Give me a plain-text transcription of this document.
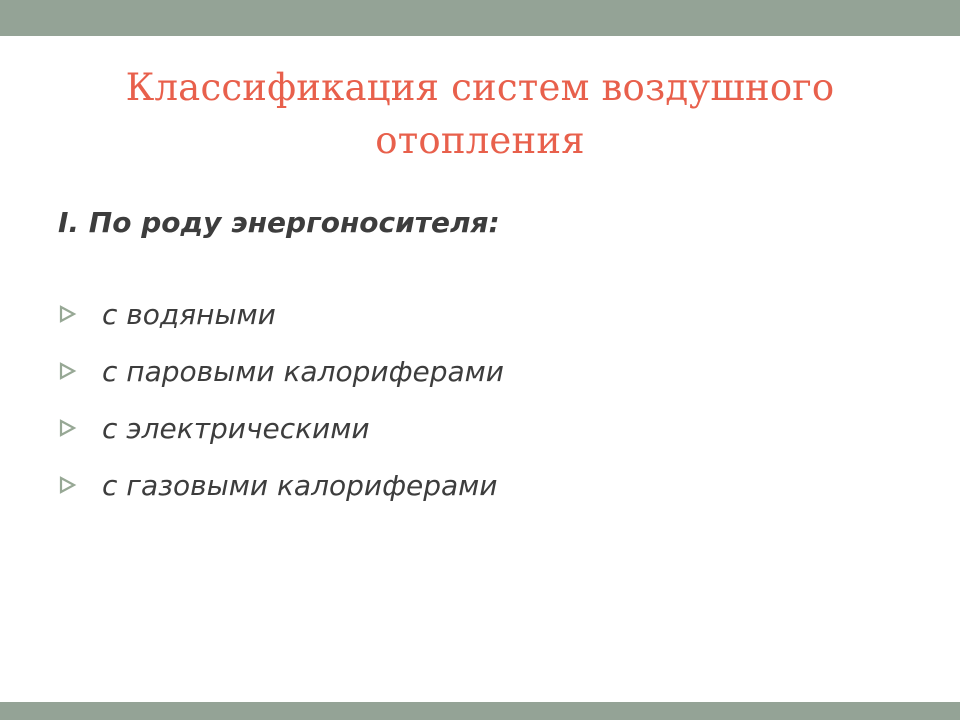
Классификация систем воздушного отопления
I. По роду энергоносителя:
с водяными
с паровыми калориферами
с электрическими
с газовыми калориферами
